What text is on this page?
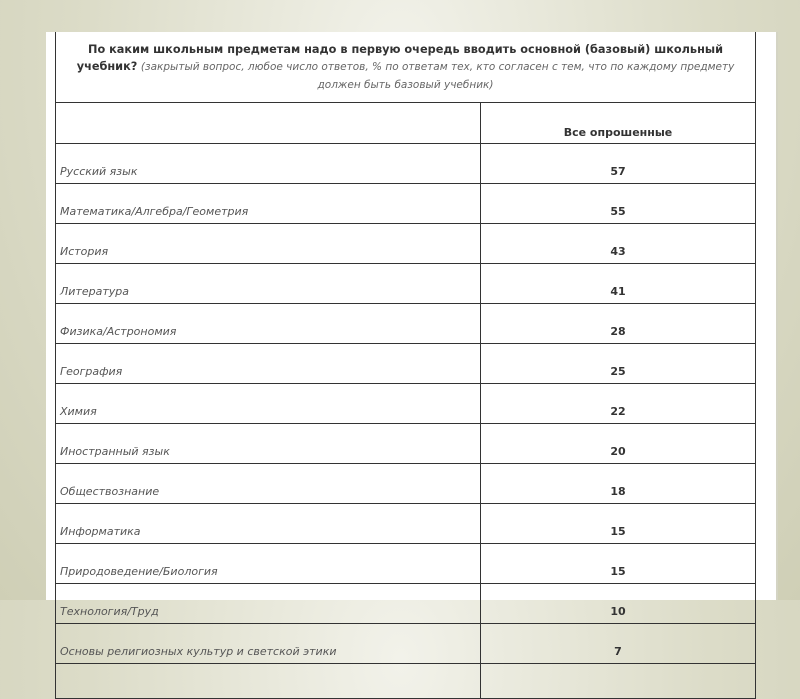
По каким школьным предметам надо в первую очередь вводить основной (базовый) школьный учебник? (закрытый вопрос, любое число ответов, % по ответам тех, кто согласен с тем, что по каждому предмету должен быть базовый учебник)	
	Все опрошенные
Русский язык	57
Математика/Алгебра/Геометрия	55
История	43
Литература	41
Физика/Астрономия	28
География	25
Химия	22
Иностранный язык	20
Обществознание	18
Информатика	15
Природоведение/Биология	15
Технология/Труд	10
Основы религиозных культур и светской этики	7
